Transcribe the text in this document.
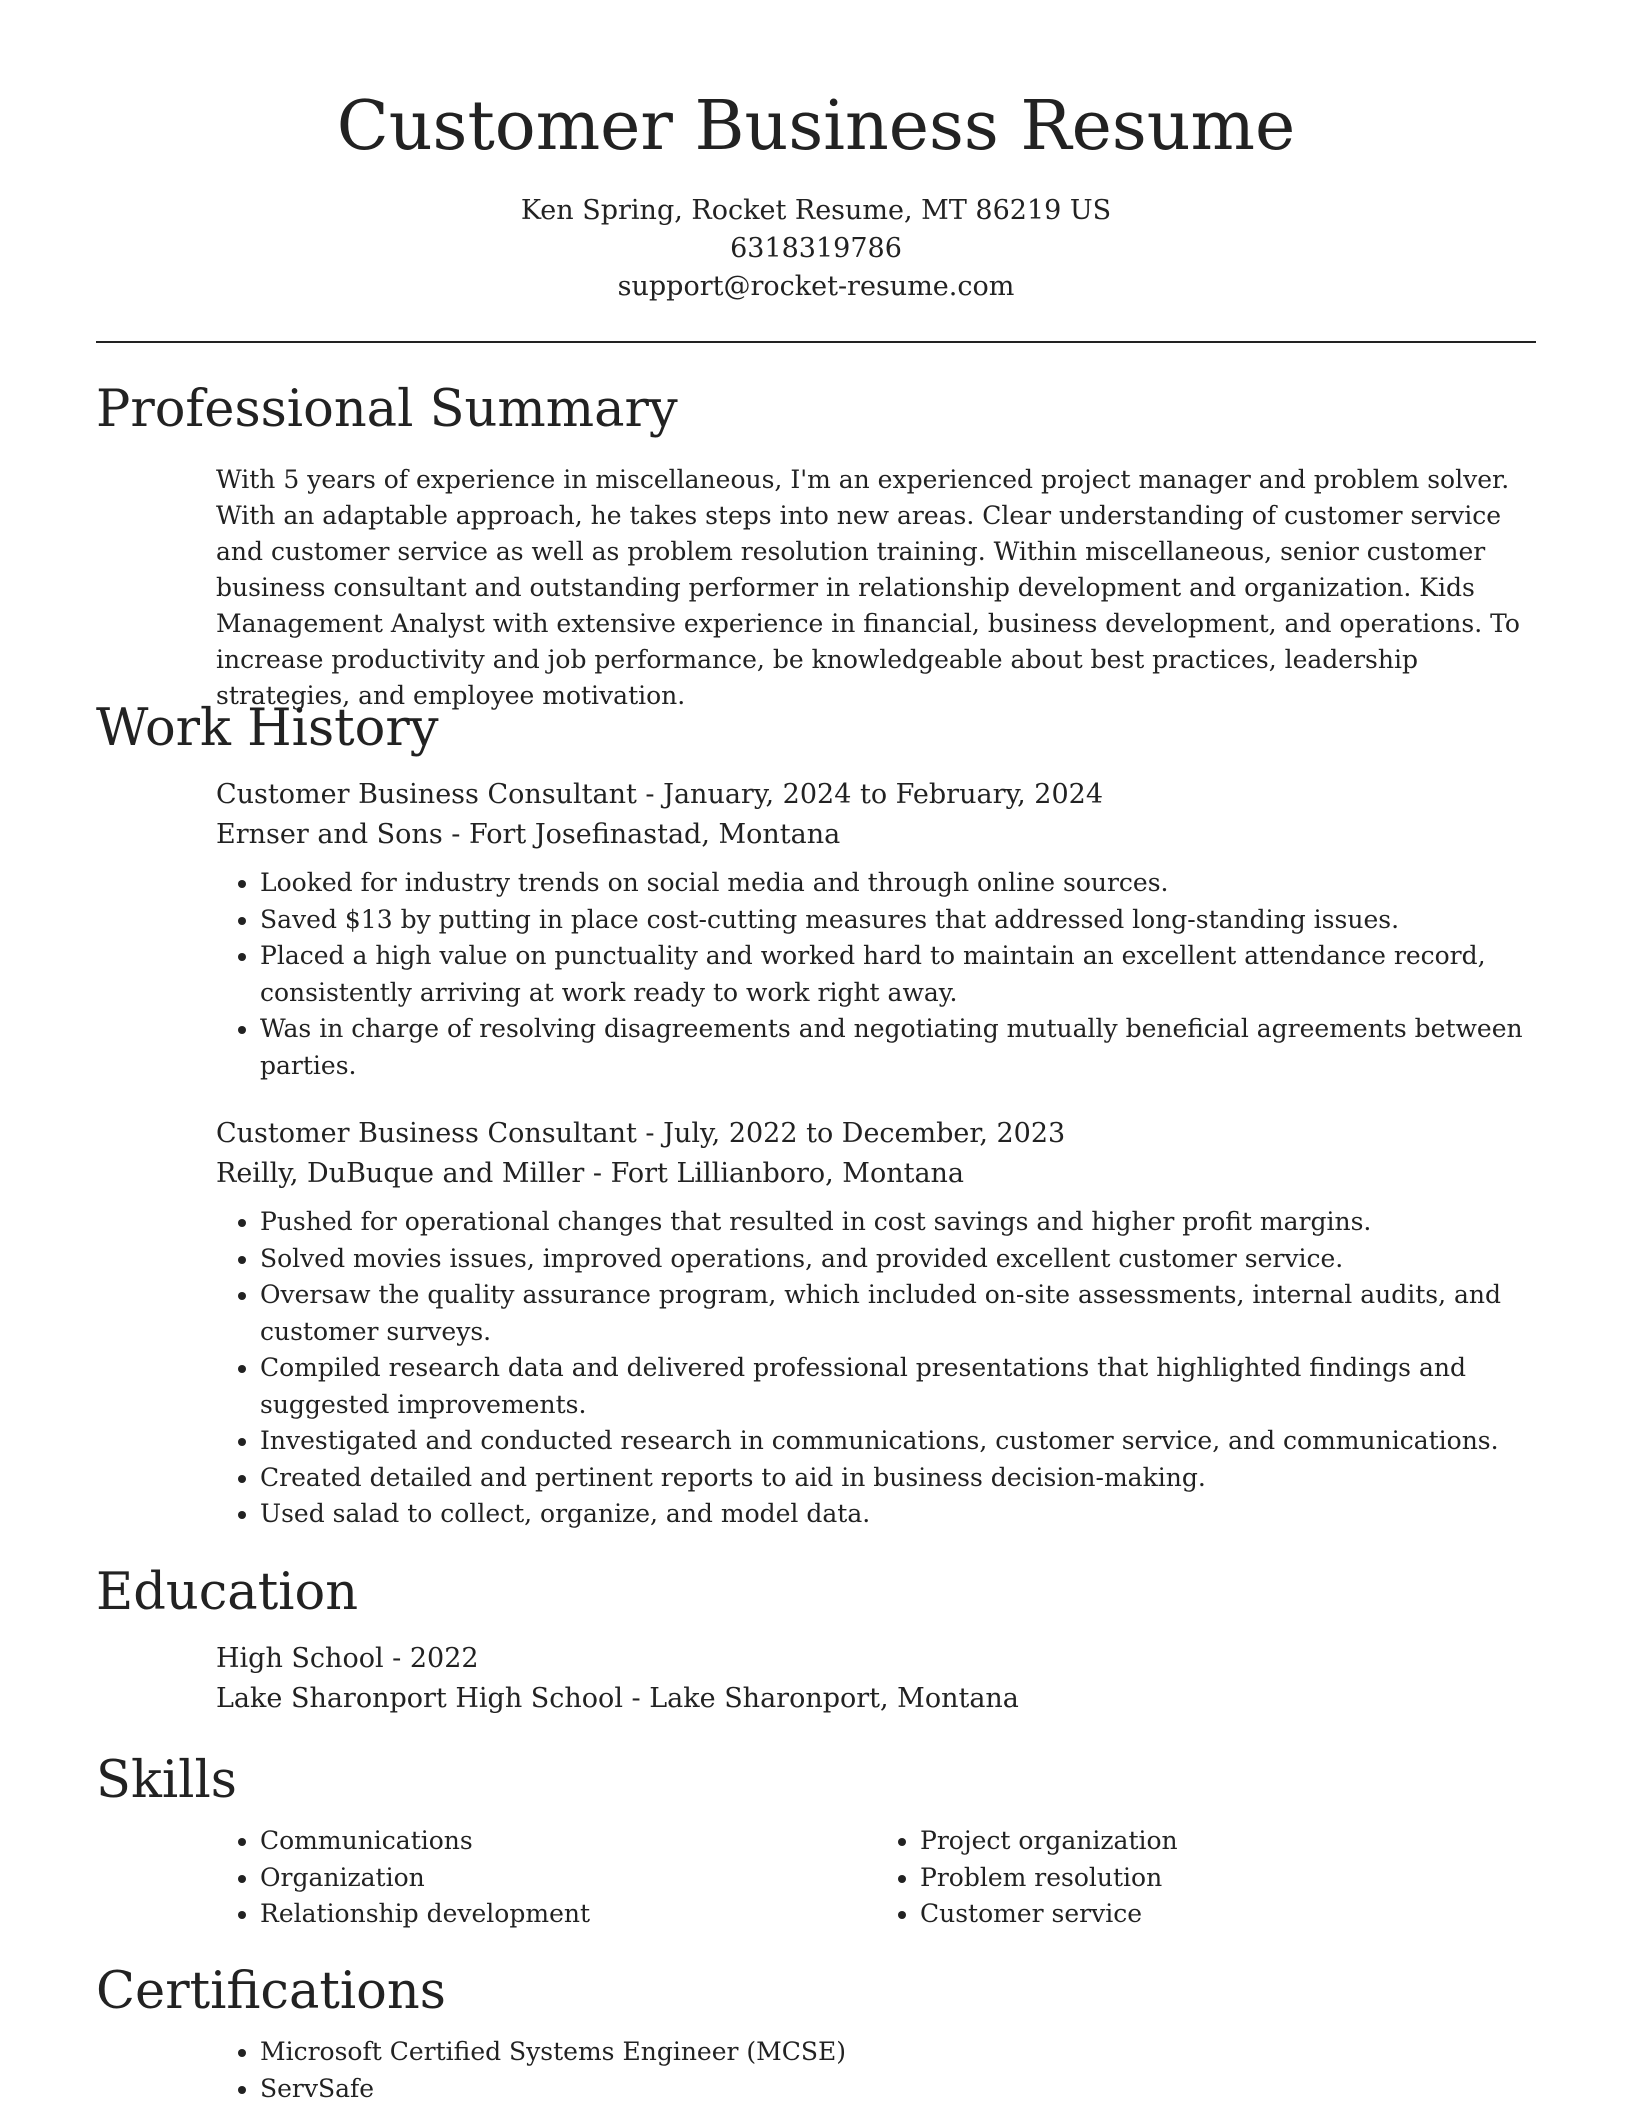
Customer Business Resume
Ken Spring, Rocket Resume, MT 86219 US
6318319786
support@rocket-resume.com
Professional Summary
With 5 years of experience in miscellaneous, I'm an experienced project manager and problem solver. With an adaptable approach, he takes steps into new areas. Clear understanding of customer service and customer service as well as problem resolution training. Within miscellaneous, senior customer business consultant and outstanding performer in relationship development and organization. Kids Management Analyst with extensive experience in financial, business development, and operations. To increase productivity and job performance, be knowledgeable about best practices, leadership strategies, and employee motivation.
Work History
Customer Business Consultant - January, 2024 to February, 2024
Ernser and Sons - Fort Josefinastad, Montana
• Looked for industry trends on social media and through online sources.
• Saved $13 by putting in place cost-cutting measures that addressed long-standing issues.
• Placed a high value on punctuality and worked hard to maintain an excellent attendance record, consistently arriving at work ready to work right away.
• Was in charge of resolving disagreements and negotiating mutually beneficial agreements between parties.
Customer Business Consultant - July, 2022 to December, 2023
Reilly, DuBuque and Miller - Fort Lillianboro, Montana
• Pushed for operational changes that resulted in cost savings and higher profit margins.
• Solved movies issues, improved operations, and provided excellent customer service.
• Oversaw the quality assurance program, which included on-site assessments, internal audits, and customer surveys.
• Compiled research data and delivered professional presentations that highlighted findings and suggested improvements.
• Investigated and conducted research in communications, customer service, and communications.
• Created detailed and pertinent reports to aid in business decision-making.
• Used salad to collect, organize, and model data.
Education
High School - 2022
Lake Sharonport High School - Lake Sharonport, Montana
Skills
• Communications
• Organization
• Relationship development
• Project organization
• Problem resolution
• Customer service
Certifications
• Microsoft Certified Systems Engineer (MCSE)
• ServSafe
